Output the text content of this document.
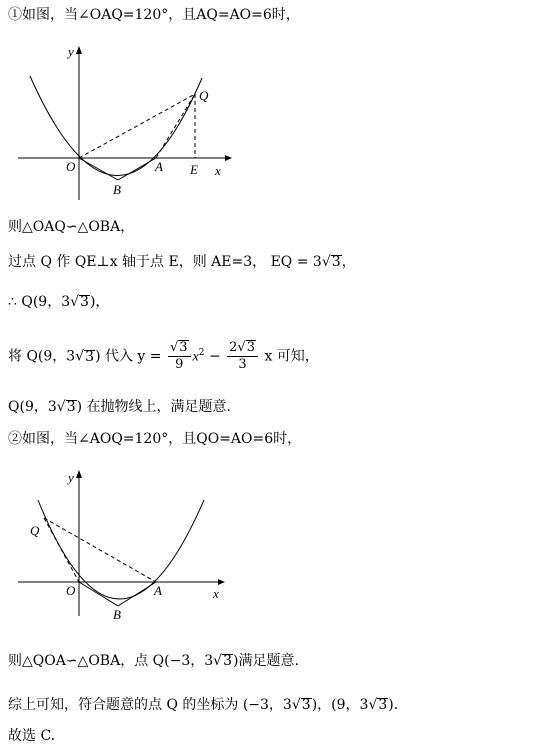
①如图，当∠OAQ=120°，且AQ=AO=6时，
y
x
O	A
B
E
Q
则△OAQ∽△OBA，
过点 Q 作 QE⊥x 轴于点 E，则 AE=3， EQ = 3√3，
∴ Q(9，3√3)，
将 Q(9，3√3) 代入 $y = \frac{√3}{9} x^2 - \frac{2√3}{3}$ x 可知，
Q(9，3√3) 在抛物线上，满足题意.
②如图，当∠AOQ=120°，且QO=AO=6时，
y
x
O	A
B
Q
则△QOA∽△OBA，点 Q(−3，3√3)满足题意.
综上可知，符合题意的点 Q 的坐标为 (−3，3√3)，(9，3√3)．
故选 C.
